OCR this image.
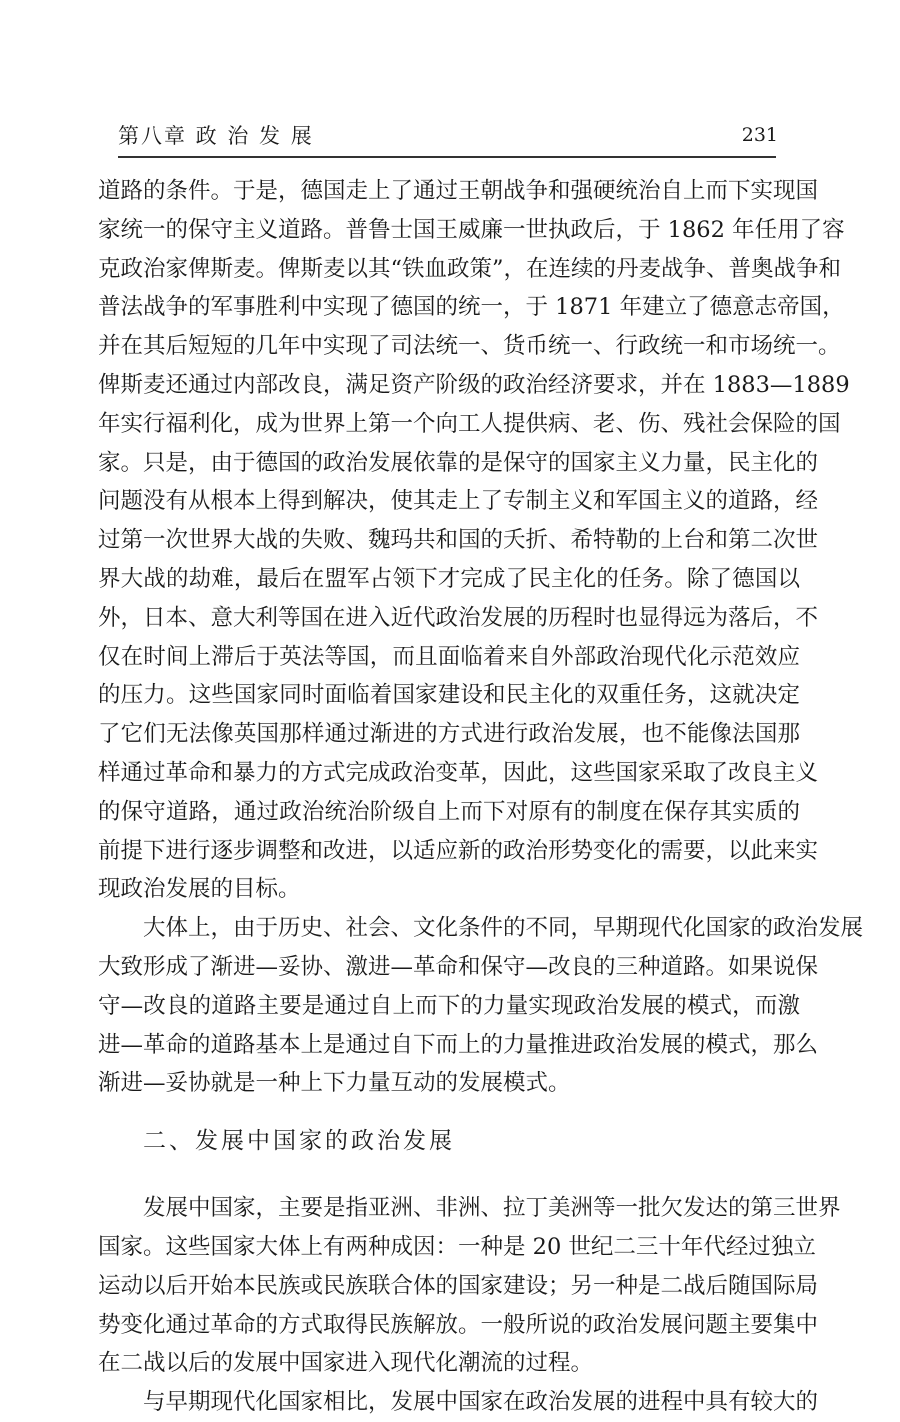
第八章 政 治 发 展	231
道路的条件。于是，德国走上了通过王朝战争和强硬统治自上而下实现国
家统一的保守主义道路。普鲁士国王威廉一世执政后，于 1862 年任用了容
克政治家俾斯麦。俾斯麦以其“铁血政策”，在连续的丹麦战争、普奥战争和
普法战争的军事胜利中实现了德国的统一，于 1871 年建立了德意志帝国，
并在其后短短的几年中实现了司法统一、货币统一、行政统一和市场统一。
俾斯麦还通过内部改良，满足资产阶级的政治经济要求，并在 1883—1889
年实行福利化，成为世界上第一个向工人提供病、老、伤、残社会保险的国
家。只是，由于德国的政治发展依靠的是保守的国家主义力量，民主化的
问题没有从根本上得到解决，使其走上了专制主义和军国主义的道路，经
过第一次世界大战的失败、魏玛共和国的夭折、希特勒的上台和第二次世
界大战的劫难，最后在盟军占领下才完成了民主化的任务。除了德国以
外，日本、意大利等国在进入近代政治发展的历程时也显得远为落后，不
仅在时间上滞后于英法等国，而且面临着来自外部政治现代化示范效应
的压力。这些国家同时面临着国家建设和民主化的双重任务，这就决定
了它们无法像英国那样通过渐进的方式进行政治发展，也不能像法国那
样通过革命和暴力的方式完成政治变革，因此，这些国家采取了改良主义
的保守道路，通过政治统治阶级自上而下对原有的制度在保存其实质的
前提下进行逐步调整和改进，以适应新的政治形势变化的需要，以此来实
现政治发展的目标。
大体上，由于历史、社会、文化条件的不同，早期现代化国家的政治发展
大致形成了渐进—妥协、激进—革命和保守—改良的三种道路。如果说保
守—改良的道路主要是通过自上而下的力量实现政治发展的模式，而激
进—革命的道路基本上是通过自下而上的力量推进政治发展的模式，那么
渐进—妥协就是一种上下力量互动的发展模式。
二、发展中国家的政治发展
发展中国家，主要是指亚洲、非洲、拉丁美洲等一批欠发达的第三世界
国家。这些国家大体上有两种成因：一种是 20 世纪二三十年代经过独立
运动以后开始本民族或民族联合体的国家建设；另一种是二战后随国际局
势变化通过革命的方式取得民族解放。一般所说的政治发展问题主要集中
在二战以后的发展中国家进入现代化潮流的过程。
与早期现代化国家相比，发展中国家在政治发展的进程中具有较大的
